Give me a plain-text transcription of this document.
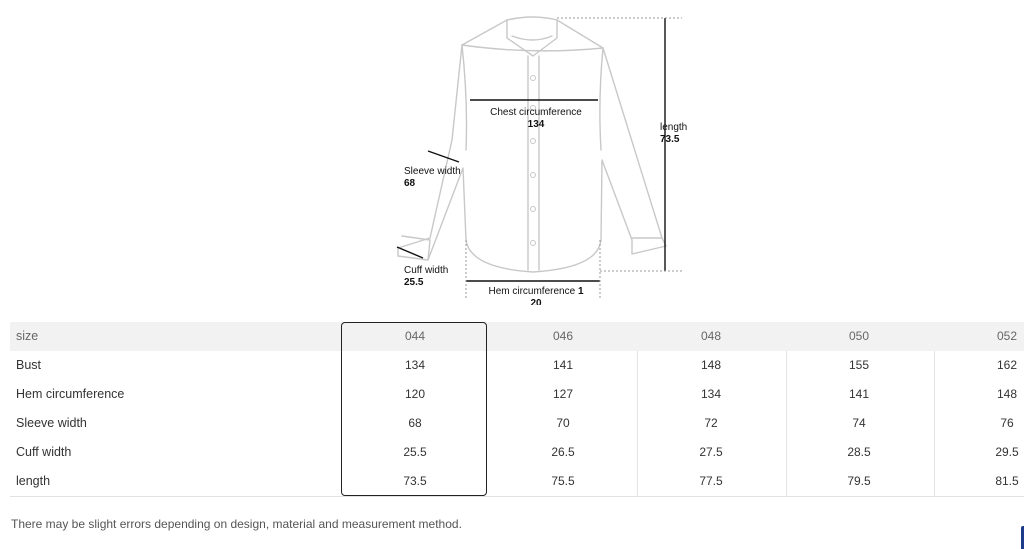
Chest circumference 134	length
73.5
Sleeve width
68
Cuff width
25.5
Hem circumference 120
size	044	046	048	050	052
Bust	134	141	148	155	162
Hem circumference	120	127	134	141	148
Sleeve width	68	70	72	74	76
Cuff width	25.5	26.5	27.5	28.5	29.5
length	73.5	75.5	77.5	79.5	81.5
There may be slight errors depending on design, material and measurement method.
